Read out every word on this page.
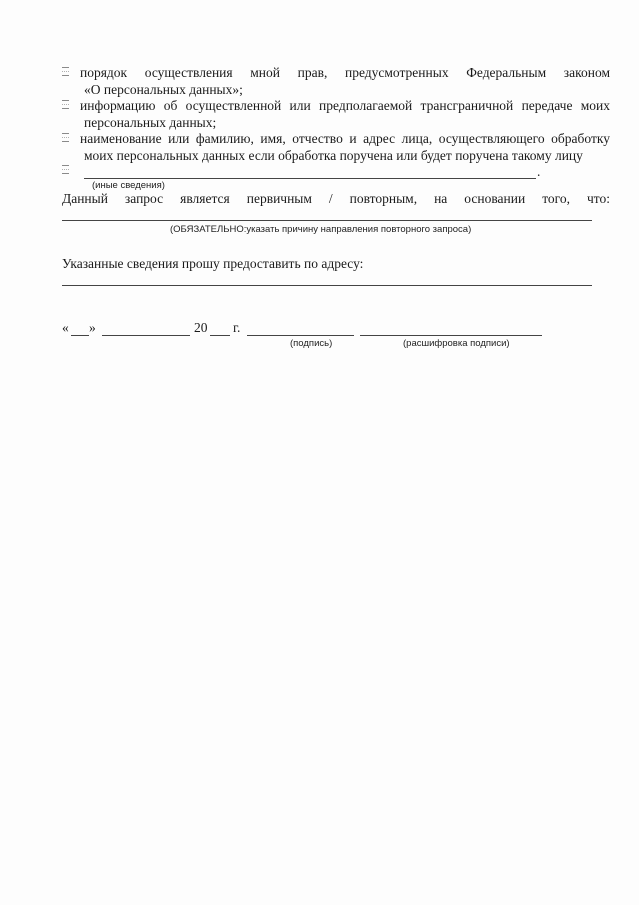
порядок осуществления мной прав, предусмотренных Федеральным законом
«О персональных данных»;
информацию об осуществленной или предполагаемой трансграничной передаче моих
персональных данных;
наименование или фамилию, имя, отчество и адрес лица, осуществляющего обработку
моих персональных данных если обработка поручена или будет поручена такому лицу
.
(иные сведения)
Данный запрос является первичным / повторным, на основании того, что:
(ОБЯЗАТЕЛЬНО:указать причину направления повторного запроса)
Указанные сведения прошу предоставить по адресу:
« »	20 г.
(подпись)	(расшифровка подписи)
